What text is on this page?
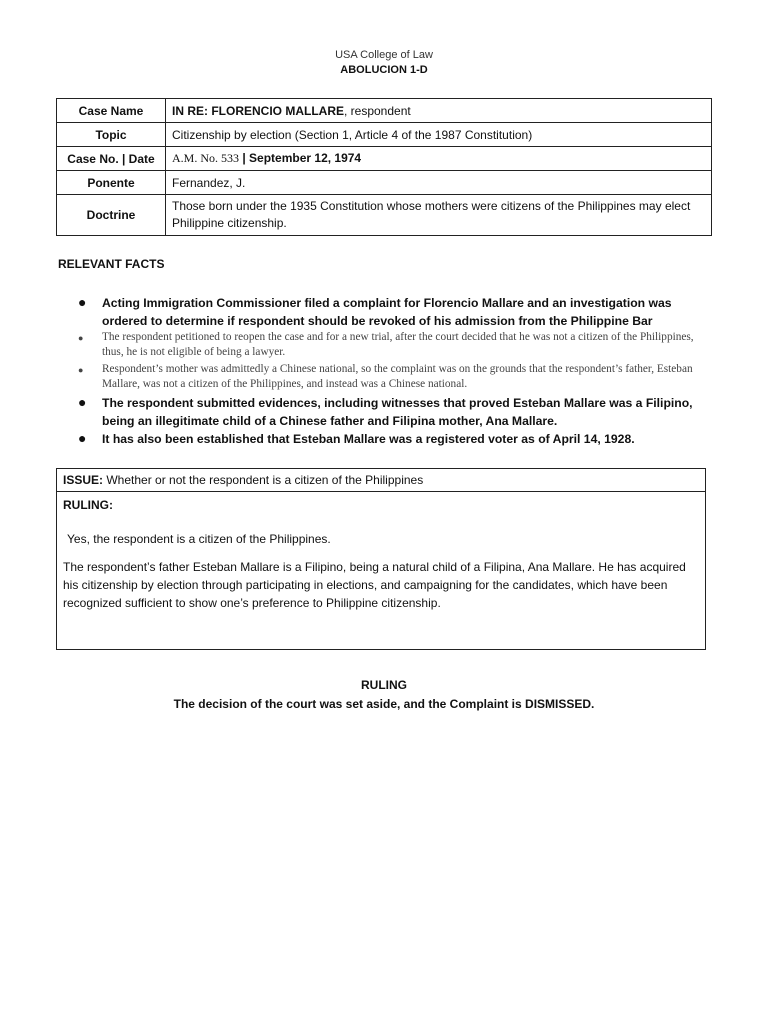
USA College of Law
ABOLUCION 1-D
Case Name	IN RE: FLORENCIO MALLARE, respondent
Topic	Citizenship by election (Section 1, Article 4 of the 1987 Constitution)
Case No. | Date	A.M. No. 533 | September 12, 1974
Ponente	Fernandez, J.
Doctrine	Those born under the 1935 Constitution whose mothers were citizens of the Philippines may elect Philippine citizenship.
RELEVANT FACTS
● Acting Immigration Commissioner filed a complaint for Florencio Mallare and an investigation was ordered to determine if respondent should be revoked of his admission from the Philippine Bar
● The respondent petitioned to reopen the case and for a new trial, after the court decided that he was not a citizen of the Philippines, thus, he is not eligible of being a lawyer.
● Respondent’s mother was admittedly a Chinese national, so the complaint was on the grounds that the respondent’s father, Esteban Mallare, was not a citizen of the Philippines, and instead was a Chinese national.
● The respondent submitted evidences, including witnesses that proved Esteban Mallare was a Filipino, being an illegitimate child of a Chinese father and Filipina mother, Ana Mallare.
● It has also been established that Esteban Mallare was a registered voter as of April 14, 1928.
ISSUE: Whether or not the respondent is a citizen of the Philippines
RULING:
Yes, the respondent is a citizen of the Philippines.
The respondent’s father Esteban Mallare is a Filipino, being a natural child of a Filipina, Ana Mallare. He has acquired his citizenship by election through participating in elections, and campaigning for the candidates, which have been recognized sufficient to show one’s preference to Philippine citizenship.
RULING
The decision of the court was set aside, and the Complaint is DISMISSED.
